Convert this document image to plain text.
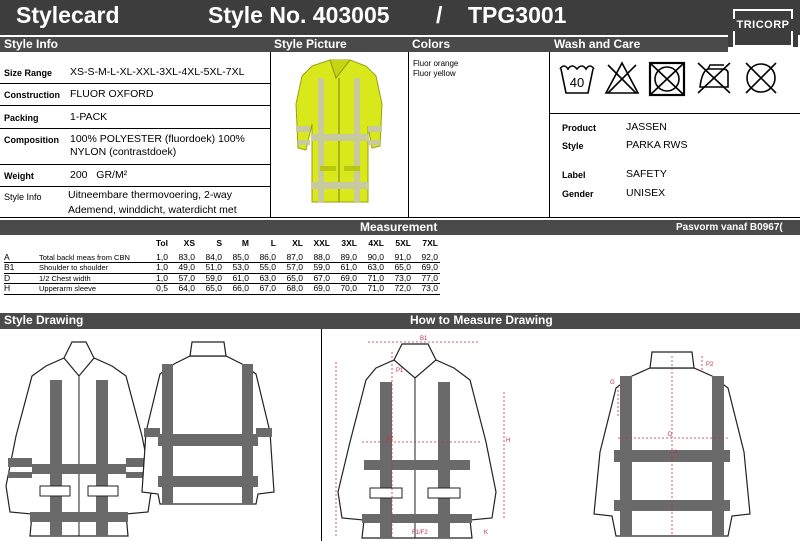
Stylecard	Style No. 403005 / TPG3001	TRICORP
Style Info	Style Picture	Colors	Wash and Care
Size Range XS-S-M-L-XL-XXL-3XL-4XL-5XL-7XL
Construction FLUOR OXFORD
Packing	1-PACK
Composition 100% POLYESTER (fluordoek) 100% NYLON (contrastdoek)
Weight	200   GR/M²
Style Info	Uitneembare thermovoering, 2-way Ademend, winddicht, waterdicht met
Fluor orange
Fluor yellow
40
Product	JASSEN
Style	PARKA RWS
Label	SAFETY
Gender	UNISEX
Measurement	Pasvorm vanaf B0967(
		Tol	XS	S	M	L	XL	XXL	3XL	4XL	5XL	7XL

A	Total backl meas from CBN	1,0	83,0	84,0	85,0	86,0	87,0	88,0	89,0	90,0	91,0	92,0
B1	Shoulder to shoulder	1,0	49,0	51,0	53,0	55,0	57,0	59,0	61,0	63,0	65,0	69,0
D	1/2 Chest width	1,0	57,0	59,0	61,0	63,0	65,0	67,0	69,0	71,0	73,0	77,0
H	Upperarm sleeve	0,5	64,0	65,0	66,0	67,0	68,0	69,0	70,0	71,0	72,0	73,0
Style Drawing	How to Measure Drawing
B1
P1
A2	H
F1/F2	K
A
D
G
P2
